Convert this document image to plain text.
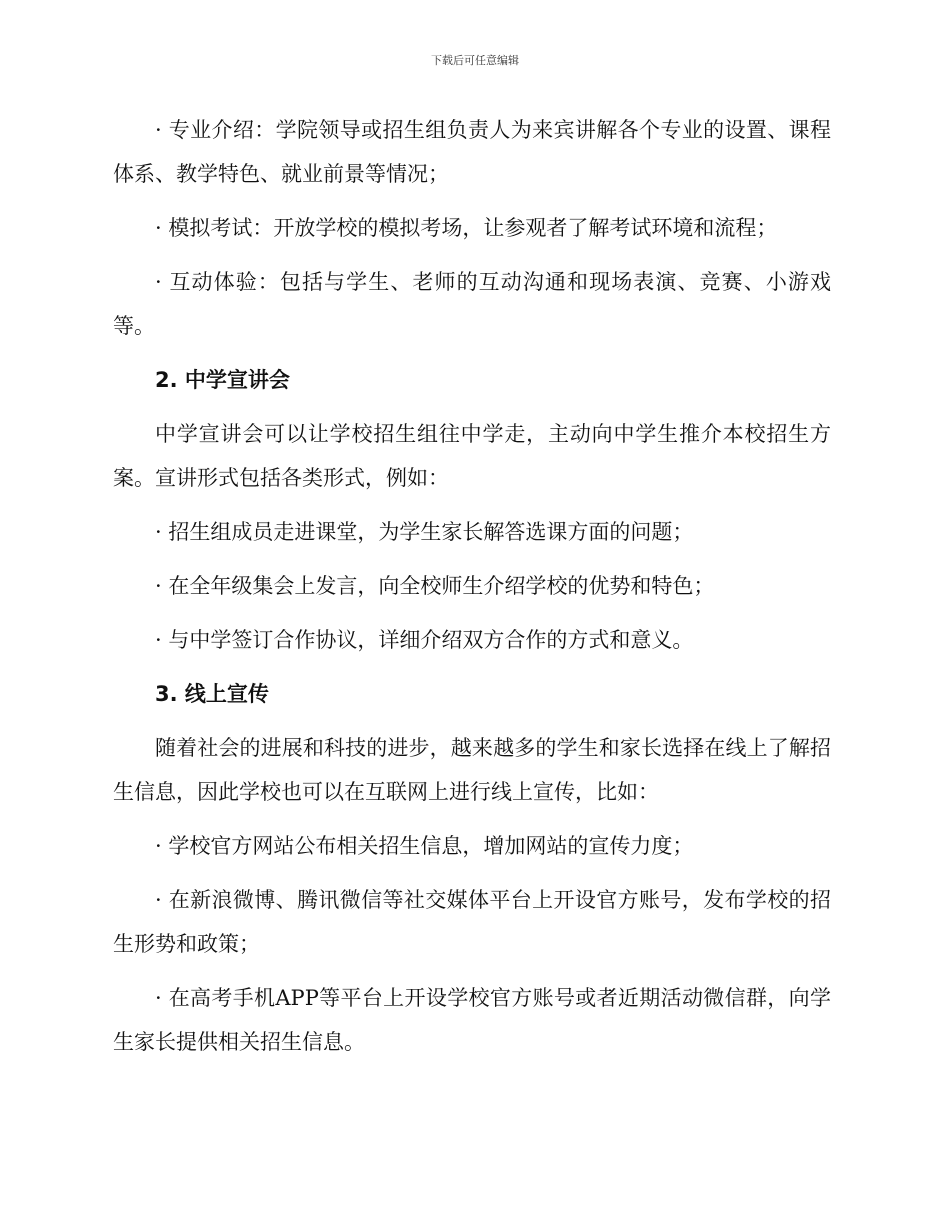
下载后可任意编辑

· 专业介绍：学院领导或招生组负责人为来宾讲解各个专业的设置、课程体系、教学特色、就业前景等情况；

· 模拟考试：开放学校的模拟考场，让参观者了解考试环境和流程；

· 互动体验：包括与学生、老师的互动沟通和现场表演、竞赛、小游戏等。

2. 中学宣讲会

中学宣讲会可以让学校招生组往中学走，主动向中学生推介本校招生方案。宣讲形式包括各类形式，例如：

· 招生组成员走进课堂，为学生家长解答选课方面的问题；

· 在全年级集会上发言，向全校师生介绍学校的优势和特色；

· 与中学签订合作协议，详细介绍双方合作的方式和意义。

3. 线上宣传

随着社会的进展和科技的进步，越来越多的学生和家长选择在线上了解招生信息，因此学校也可以在互联网上进行线上宣传，比如：

· 学校官方网站公布相关招生信息，增加网站的宣传力度；

· 在新浪微博、腾讯微信等社交媒体平台上开设官方账号，发布学校的招生形势和政策；

· 在高考手机APP等平台上开设学校官方账号或者近期活动微信群，向学生家长提供相关招生信息。
